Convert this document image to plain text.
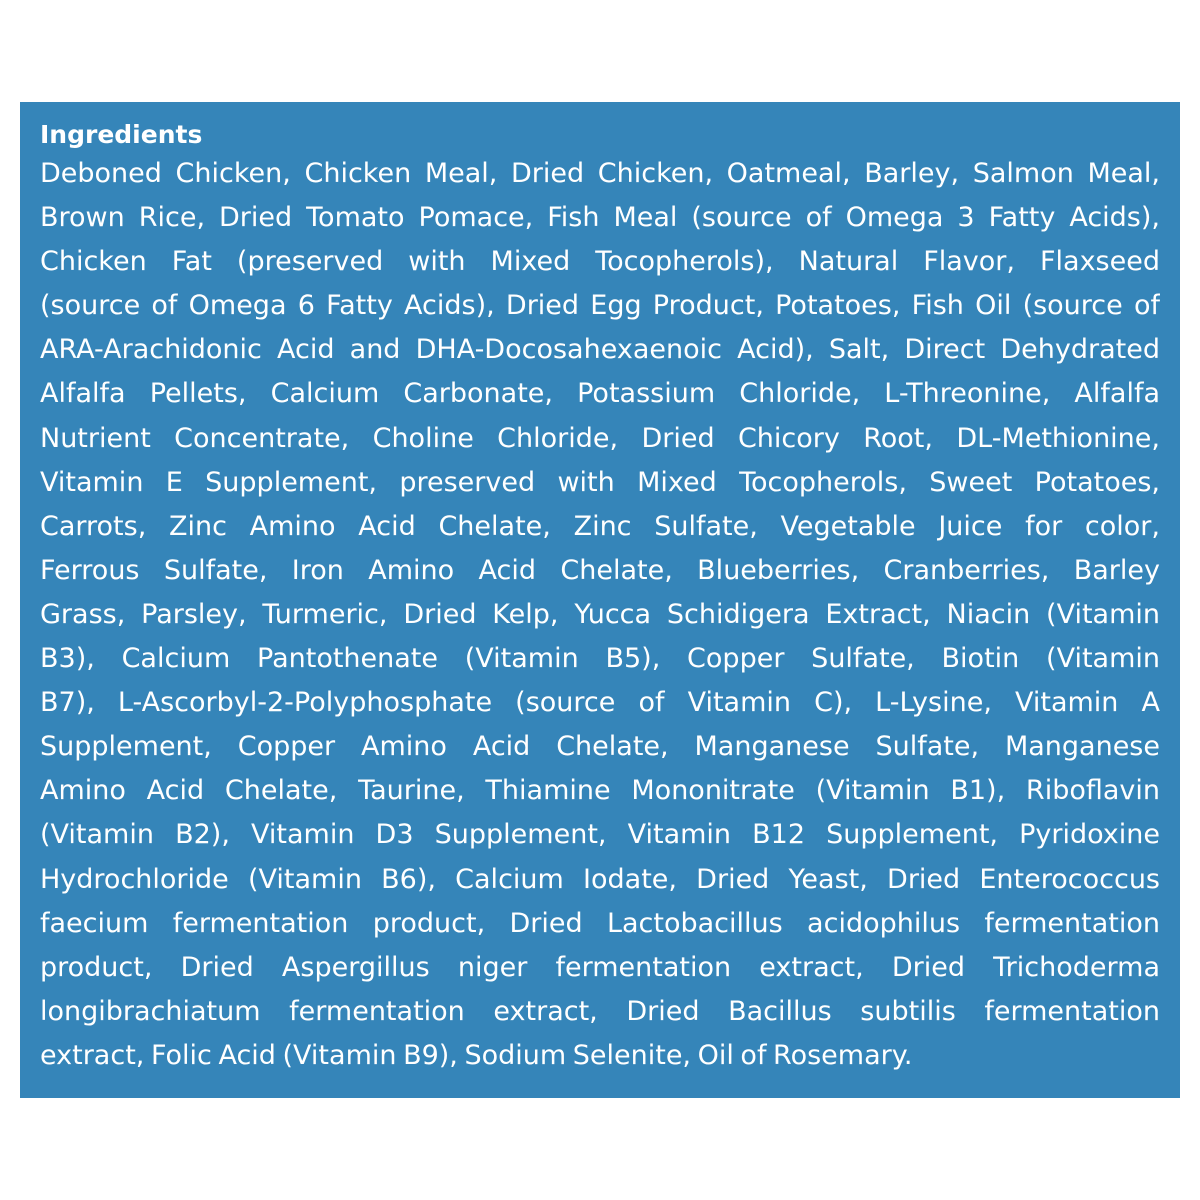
Ingredients
Deboned Chicken, Chicken Meal, Dried Chicken, Oatmeal, Barley, Salmon Meal,
Brown Rice, Dried Tomato Pomace, Fish Meal (source of Omega 3 Fatty Acids),
Chicken Fat (preserved with Mixed Tocopherols), Natural Flavor, Flaxseed
(source of Omega 6 Fatty Acids), Dried Egg Product, Potatoes, Fish Oil (source of
ARA-Arachidonic Acid and DHA-Docosahexaenoic Acid), Salt, Direct Dehydrated
Alfalfa Pellets, Calcium Carbonate, Potassium Chloride, L-Threonine, Alfalfa
Nutrient Concentrate, Choline Chloride, Dried Chicory Root, DL-Methionine,
Vitamin E Supplement, preserved with Mixed Tocopherols, Sweet Potatoes,
Carrots, Zinc Amino Acid Chelate, Zinc Sulfate, Vegetable Juice for color,
Ferrous Sulfate, Iron Amino Acid Chelate, Blueberries, Cranberries, Barley
Grass, Parsley, Turmeric, Dried Kelp, Yucca Schidigera Extract, Niacin (Vitamin
B3), Calcium Pantothenate (Vitamin B5), Copper Sulfate, Biotin (Vitamin
B7), L-Ascorbyl-2-Polyphosphate (source of Vitamin C), L-Lysine, Vitamin A
Supplement, Copper Amino Acid Chelate, Manganese Sulfate, Manganese
Amino Acid Chelate, Taurine, Thiamine Mononitrate (Vitamin B1), Riboflavin
(Vitamin B2), Vitamin D3 Supplement, Vitamin B12 Supplement, Pyridoxine
Hydrochloride (Vitamin B6), Calcium Iodate, Dried Yeast, Dried Enterococcus
faecium fermentation product, Dried Lactobacillus acidophilus fermentation
product, Dried Aspergillus niger fermentation extract, Dried Trichoderma
longibrachiatum fermentation extract, Dried Bacillus subtilis fermentation
extract, Folic Acid (Vitamin B9), Sodium Selenite, Oil of Rosemary.
